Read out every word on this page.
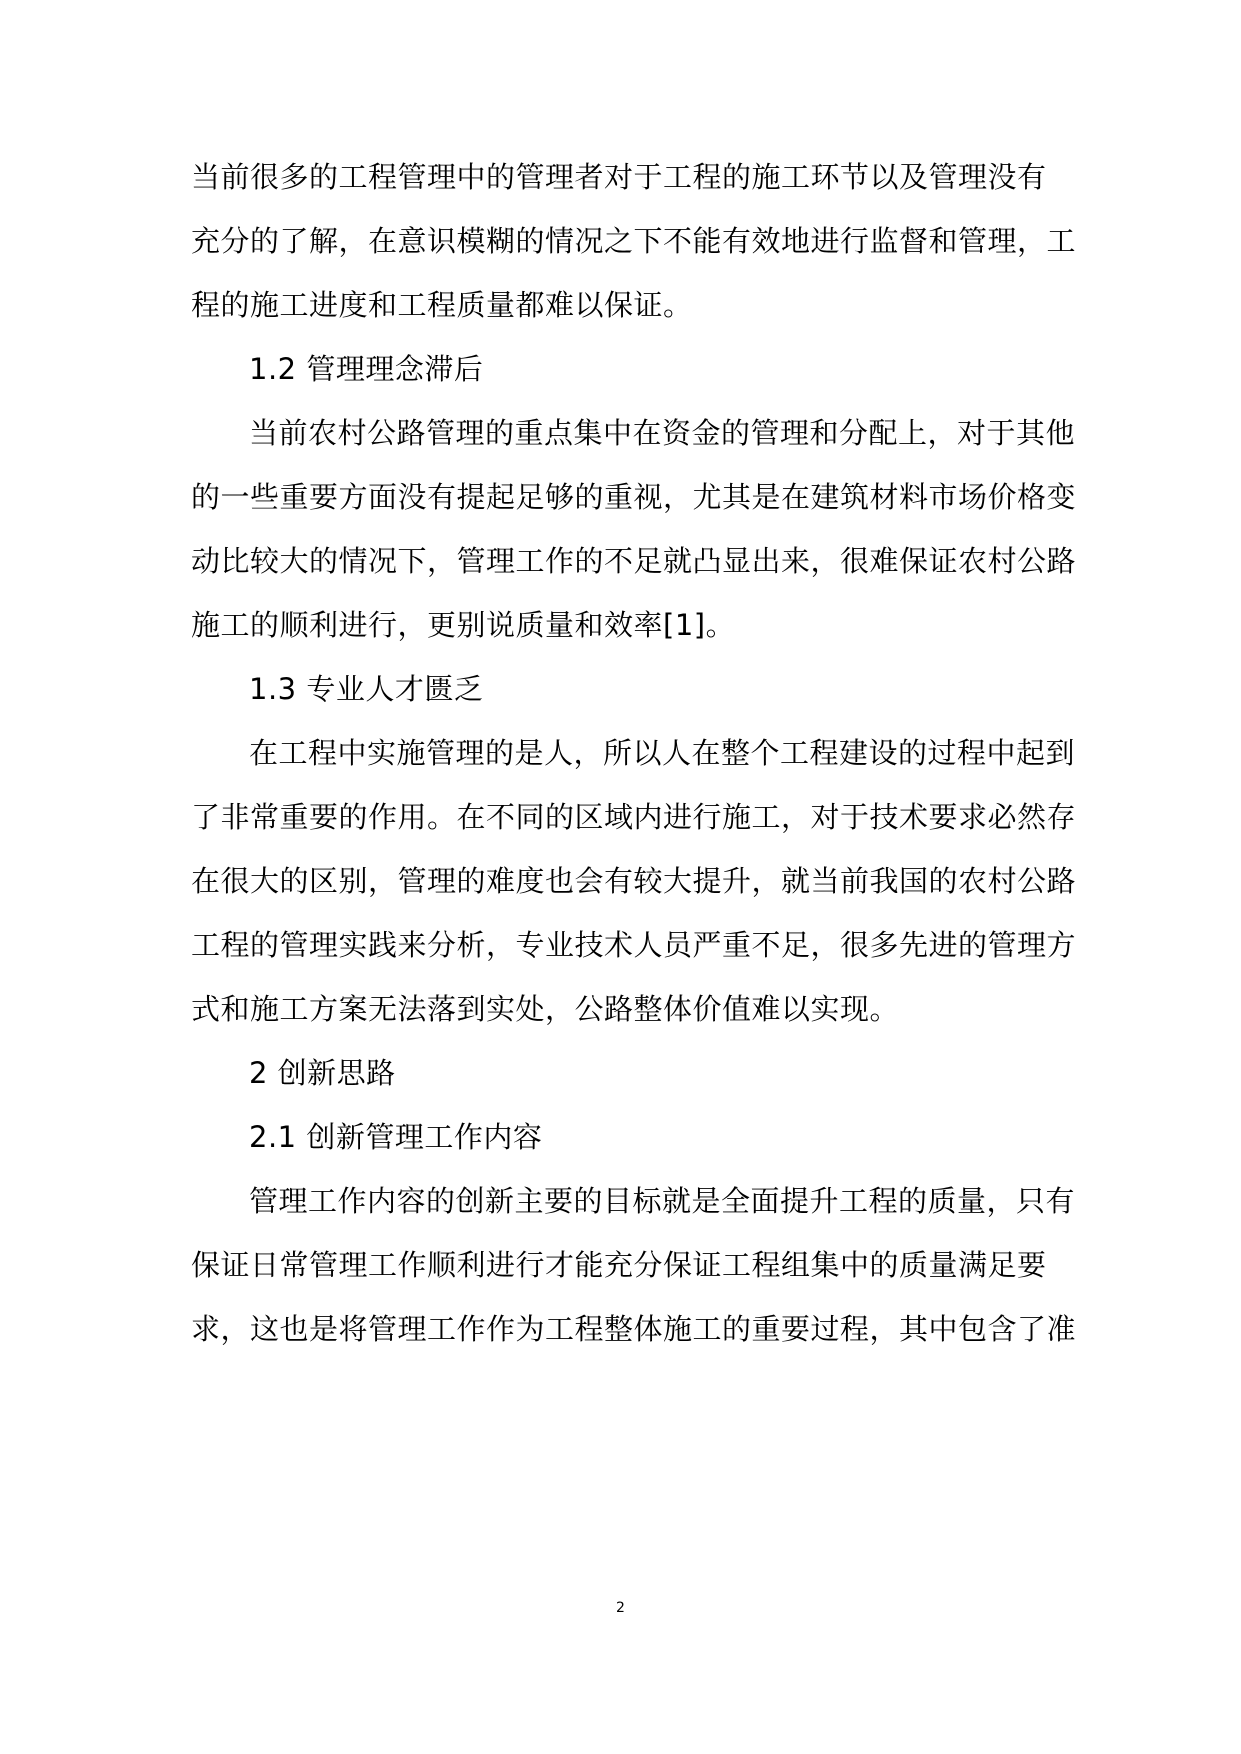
当前很多的工程管理中的管理者对于工程的施工环节以及管理没有
充分的了解，在意识模糊的情况之下不能有效地进行监督和管理，工
程的施工进度和工程质量都难以保证。
1.2 管理理念滞后
当前农村公路管理的重点集中在资金的管理和分配上，对于其他
的一些重要方面没有提起足够的重视，尤其是在建筑材料市场价格变
动比较大的情况下，管理工作的不足就凸显出来，很难保证农村公路
施工的顺利进行，更别说质量和效率[1]。
1.3 专业人才匮乏
在工程中实施管理的是人，所以人在整个工程建设的过程中起到
了非常重要的作用。在不同的区域内进行施工，对于技术要求必然存
在很大的区别，管理的难度也会有较大提升，就当前我国的农村公路
工程的管理实践来分析，专业技术人员严重不足，很多先进的管理方
式和施工方案无法落到实处，公路整体价值难以实现。
2 创新思路
2.1 创新管理工作内容
管理工作内容的创新主要的目标就是全面提升工程的质量，只有
保证日常管理工作顺利进行才能充分保证工程组集中的质量满足要
求，这也是将管理工作作为工程整体施工的重要过程，其中包含了准
2
